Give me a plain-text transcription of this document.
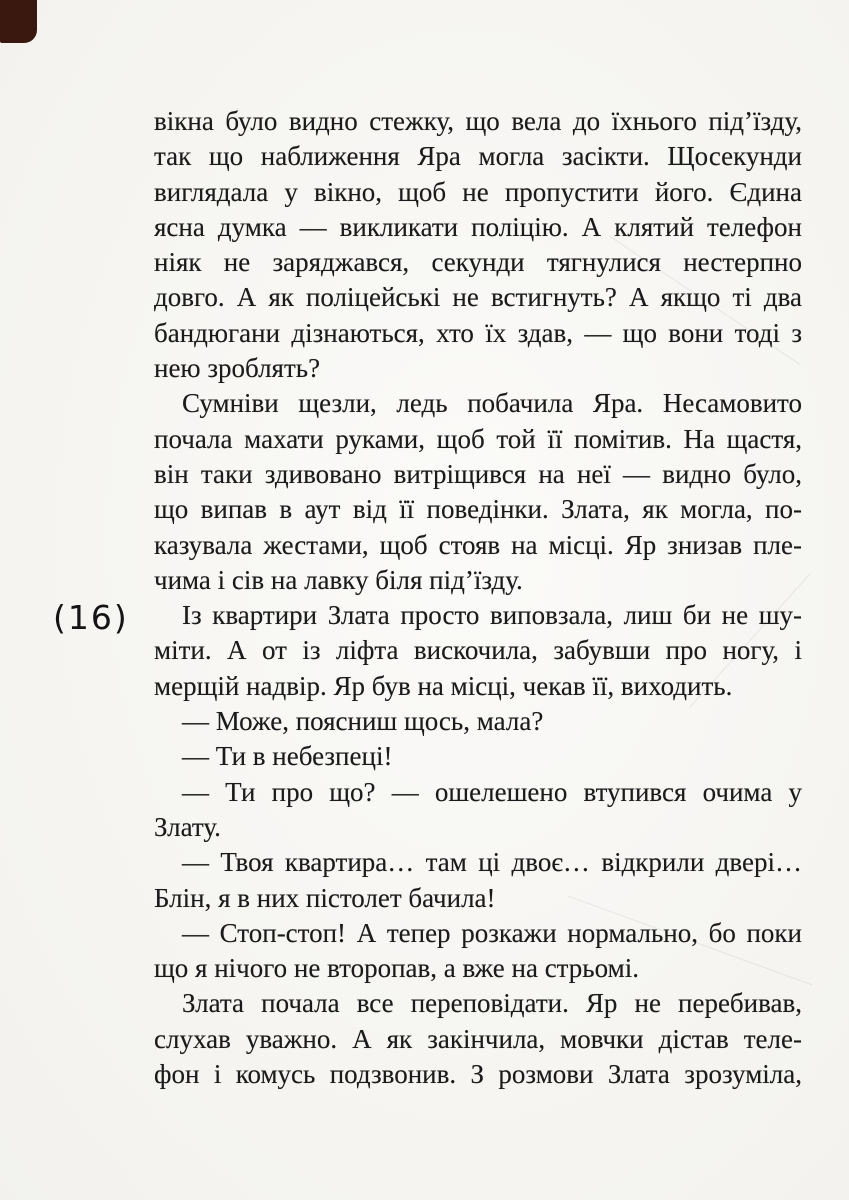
(16)
вікна було видно стежку, що вела до їхнього під’їзду,
так що наближення Яра могла засікти. Щосекунди
виглядала у вікно, щоб не пропустити його. Єдина
ясна думка — викликати поліцію. А клятий телефон
ніяк не заряджався, секунди тягнулися нестерпно
довго. А як поліцейські не встигнуть? А якщо ті два
бандюгани дізнаються, хто їх здав, — що вони тоді з
нею зроблять?
Сумніви щезли, ледь побачила Яра. Несамовито
почала махати руками, щоб той її помітив. На щастя,
він таки здивовано витріщився на неї — видно було,
що випав в аут від її поведінки. Злата, як могла, по-
казувала жестами, щоб стояв на місці. Яр знизав пле-
чима і сів на лавку біля під’їзду.
Із квартири Злата просто виповзала, лиш би не шу-
міти. А от із ліфта вискочила, забувши про ногу, і
мерщій надвір. Яр був на місці, чекав її, виходить.
— Може, поясниш щось, мала?
— Ти в небезпеці!
— Ти про що? — ошелешено втупився очима у
Злату.
— Твоя квартира… там ці двоє… відкрили двері…
Блін, я в них пістолет бачила!
— Стоп-стоп! А тепер розкажи нормально, бо поки
що я нічого не второпав, а вже на стрьомі.
Злата почала все переповідати. Яр не перебивав,
слухав уважно. А як закінчила, мовчки дістав теле-
фон і комусь подзвонив. З розмови Злата зрозуміла,
